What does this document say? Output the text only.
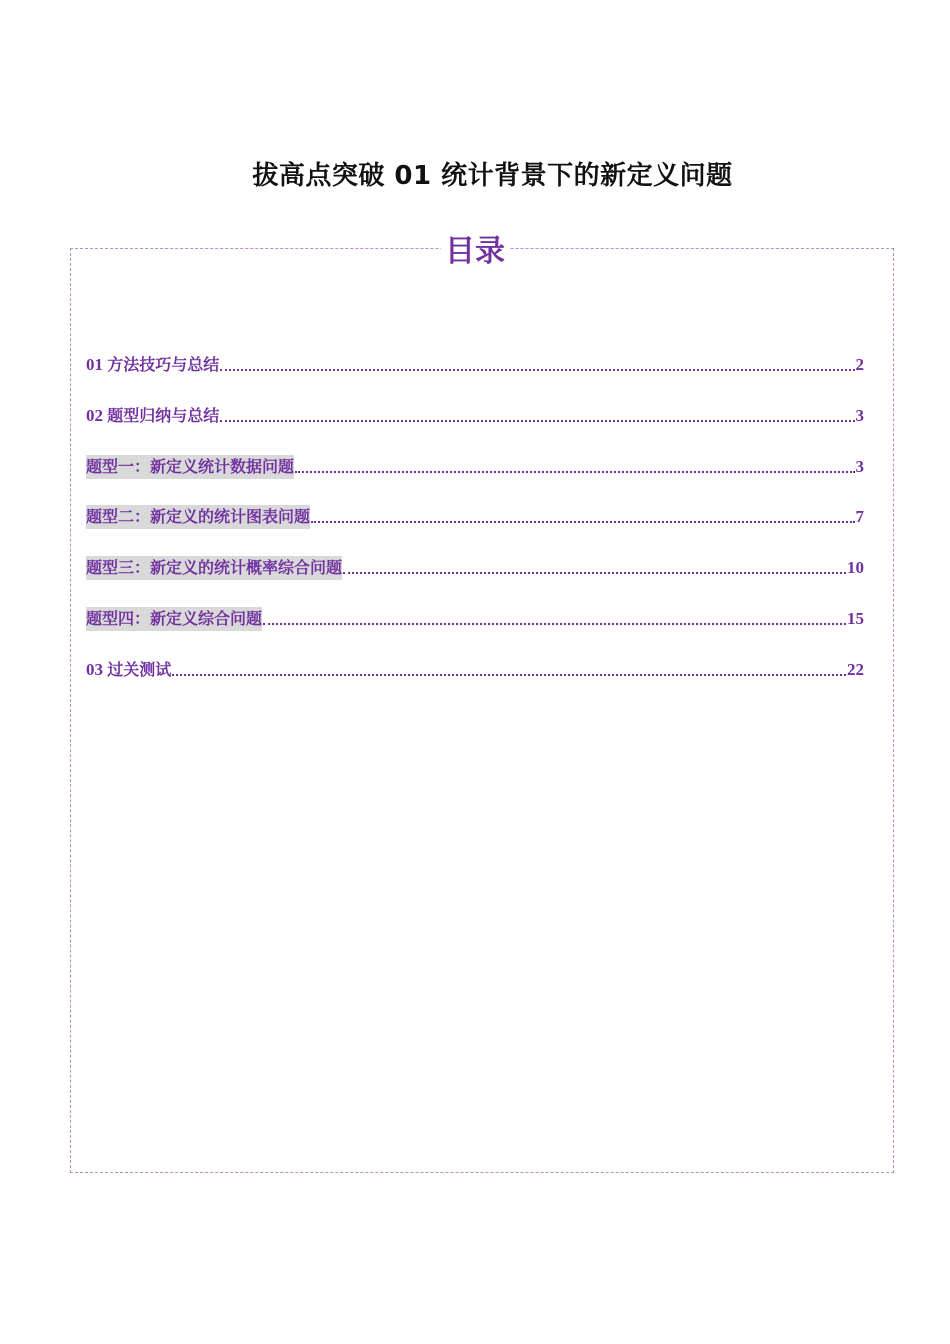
拔高点突破 01 统计背景下的新定义问题
目录
01 方法技巧与总结	2
02 题型归纳与总结	3
题型一：新定义统计数据问题	3
题型二：新定义的统计图表问题	7
题型三：新定义的统计概率综合问题	10
题型四：新定义综合问题	15
03 过关测试	22
